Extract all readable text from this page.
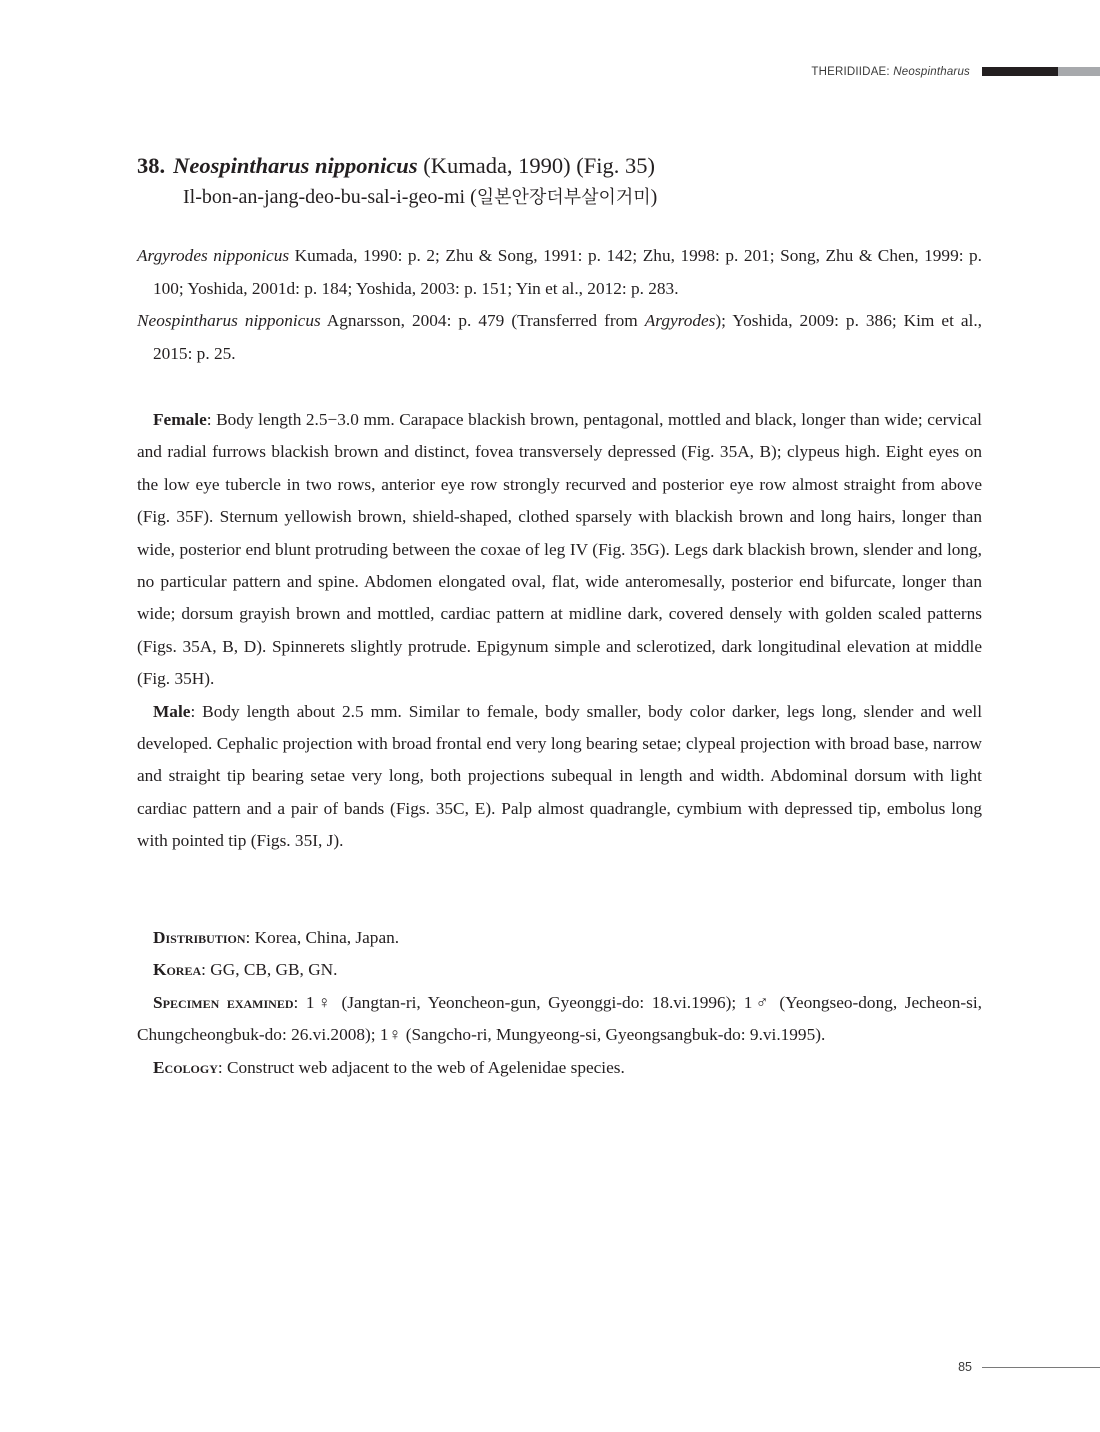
THERIDIIDAE: Neospintharus
38. Neospintharus nipponicus (Kumada, 1990) (Fig. 35)
Il-bon-an-jang-deo-bu-sal-i-geo-mi (일본안장더부살이거미)

Argyrodes nipponicus Kumada, 1990: p. 2; Zhu & Song, 1991: p. 142; Zhu, 1998: p. 201; Song, Zhu & Chen, 1999: p. 100; Yoshida, 2001d: p. 184; Yoshida, 2003: p. 151; Yin et al., 2012: p. 283.

Neospintharus nipponicus Agnarsson, 2004: p. 479 (Transferred from Argyrodes); Yoshida, 2009: p. 386; Kim et al., 2015: p. 25.

Female: Body length 2.5−3.0 mm. Carapace blackish brown, pentagonal, mottled and black, longer than wide; cervical and radial furrows blackish brown and distinct, fovea transversely depressed (Fig. 35A, B); clypeus high. Eight eyes on the low eye tubercle in two rows, anterior eye row strongly recurved and posterior eye row almost straight from above (Fig. 35F). Sternum yellowish brown, shield-shaped, clothed sparsely with blackish brown and long hairs, longer than wide, posterior end blunt protruding between the coxae of leg IV (Fig. 35G). Legs dark blackish brown, slender and long, no particular pattern and spine. Abdomen elongated oval, flat, wide anteromesally, posterior end bifurcate, longer than wide; dorsum grayish brown and mottled, cardiac pattern at midline dark, covered densely with golden scaled patterns (Figs. 35A, B, D). Spinnerets slightly protrude. Epigynum simple and sclerotized, dark longitudinal elevation at middle (Fig. 35H).

Male: Body length about 2.5 mm. Similar to female, body smaller, body color darker, legs long, slender and well developed. Cephalic projection with broad frontal end very long bearing setae; clypeal projection with broad base, narrow and straight tip bearing setae very long, both projections subequal in length and width. Abdominal dorsum with light cardiac pattern and a pair of bands (Figs. 35C, E). Palp almost quadrangle, cymbium with depressed tip, embolus long with pointed tip (Figs. 35I, J).

Distribution: Korea, China, Japan.

Korea: GG, CB, GB, GN.

Specimen examined: 1♀ (Jangtan-ri, Yeoncheon-gun, Gyeonggi-do: 18.vi.1996); 1♂ (Yeongseo-dong, Jecheon-si, Chungcheongbuk-do: 26.vi.2008); 1♀ (Sangcho-ri, Mungyeong-si, Gyeongsangbuk-do: 9.vi.1995).

Ecology: Construct web adjacent to the web of Agelenidae species.

85
